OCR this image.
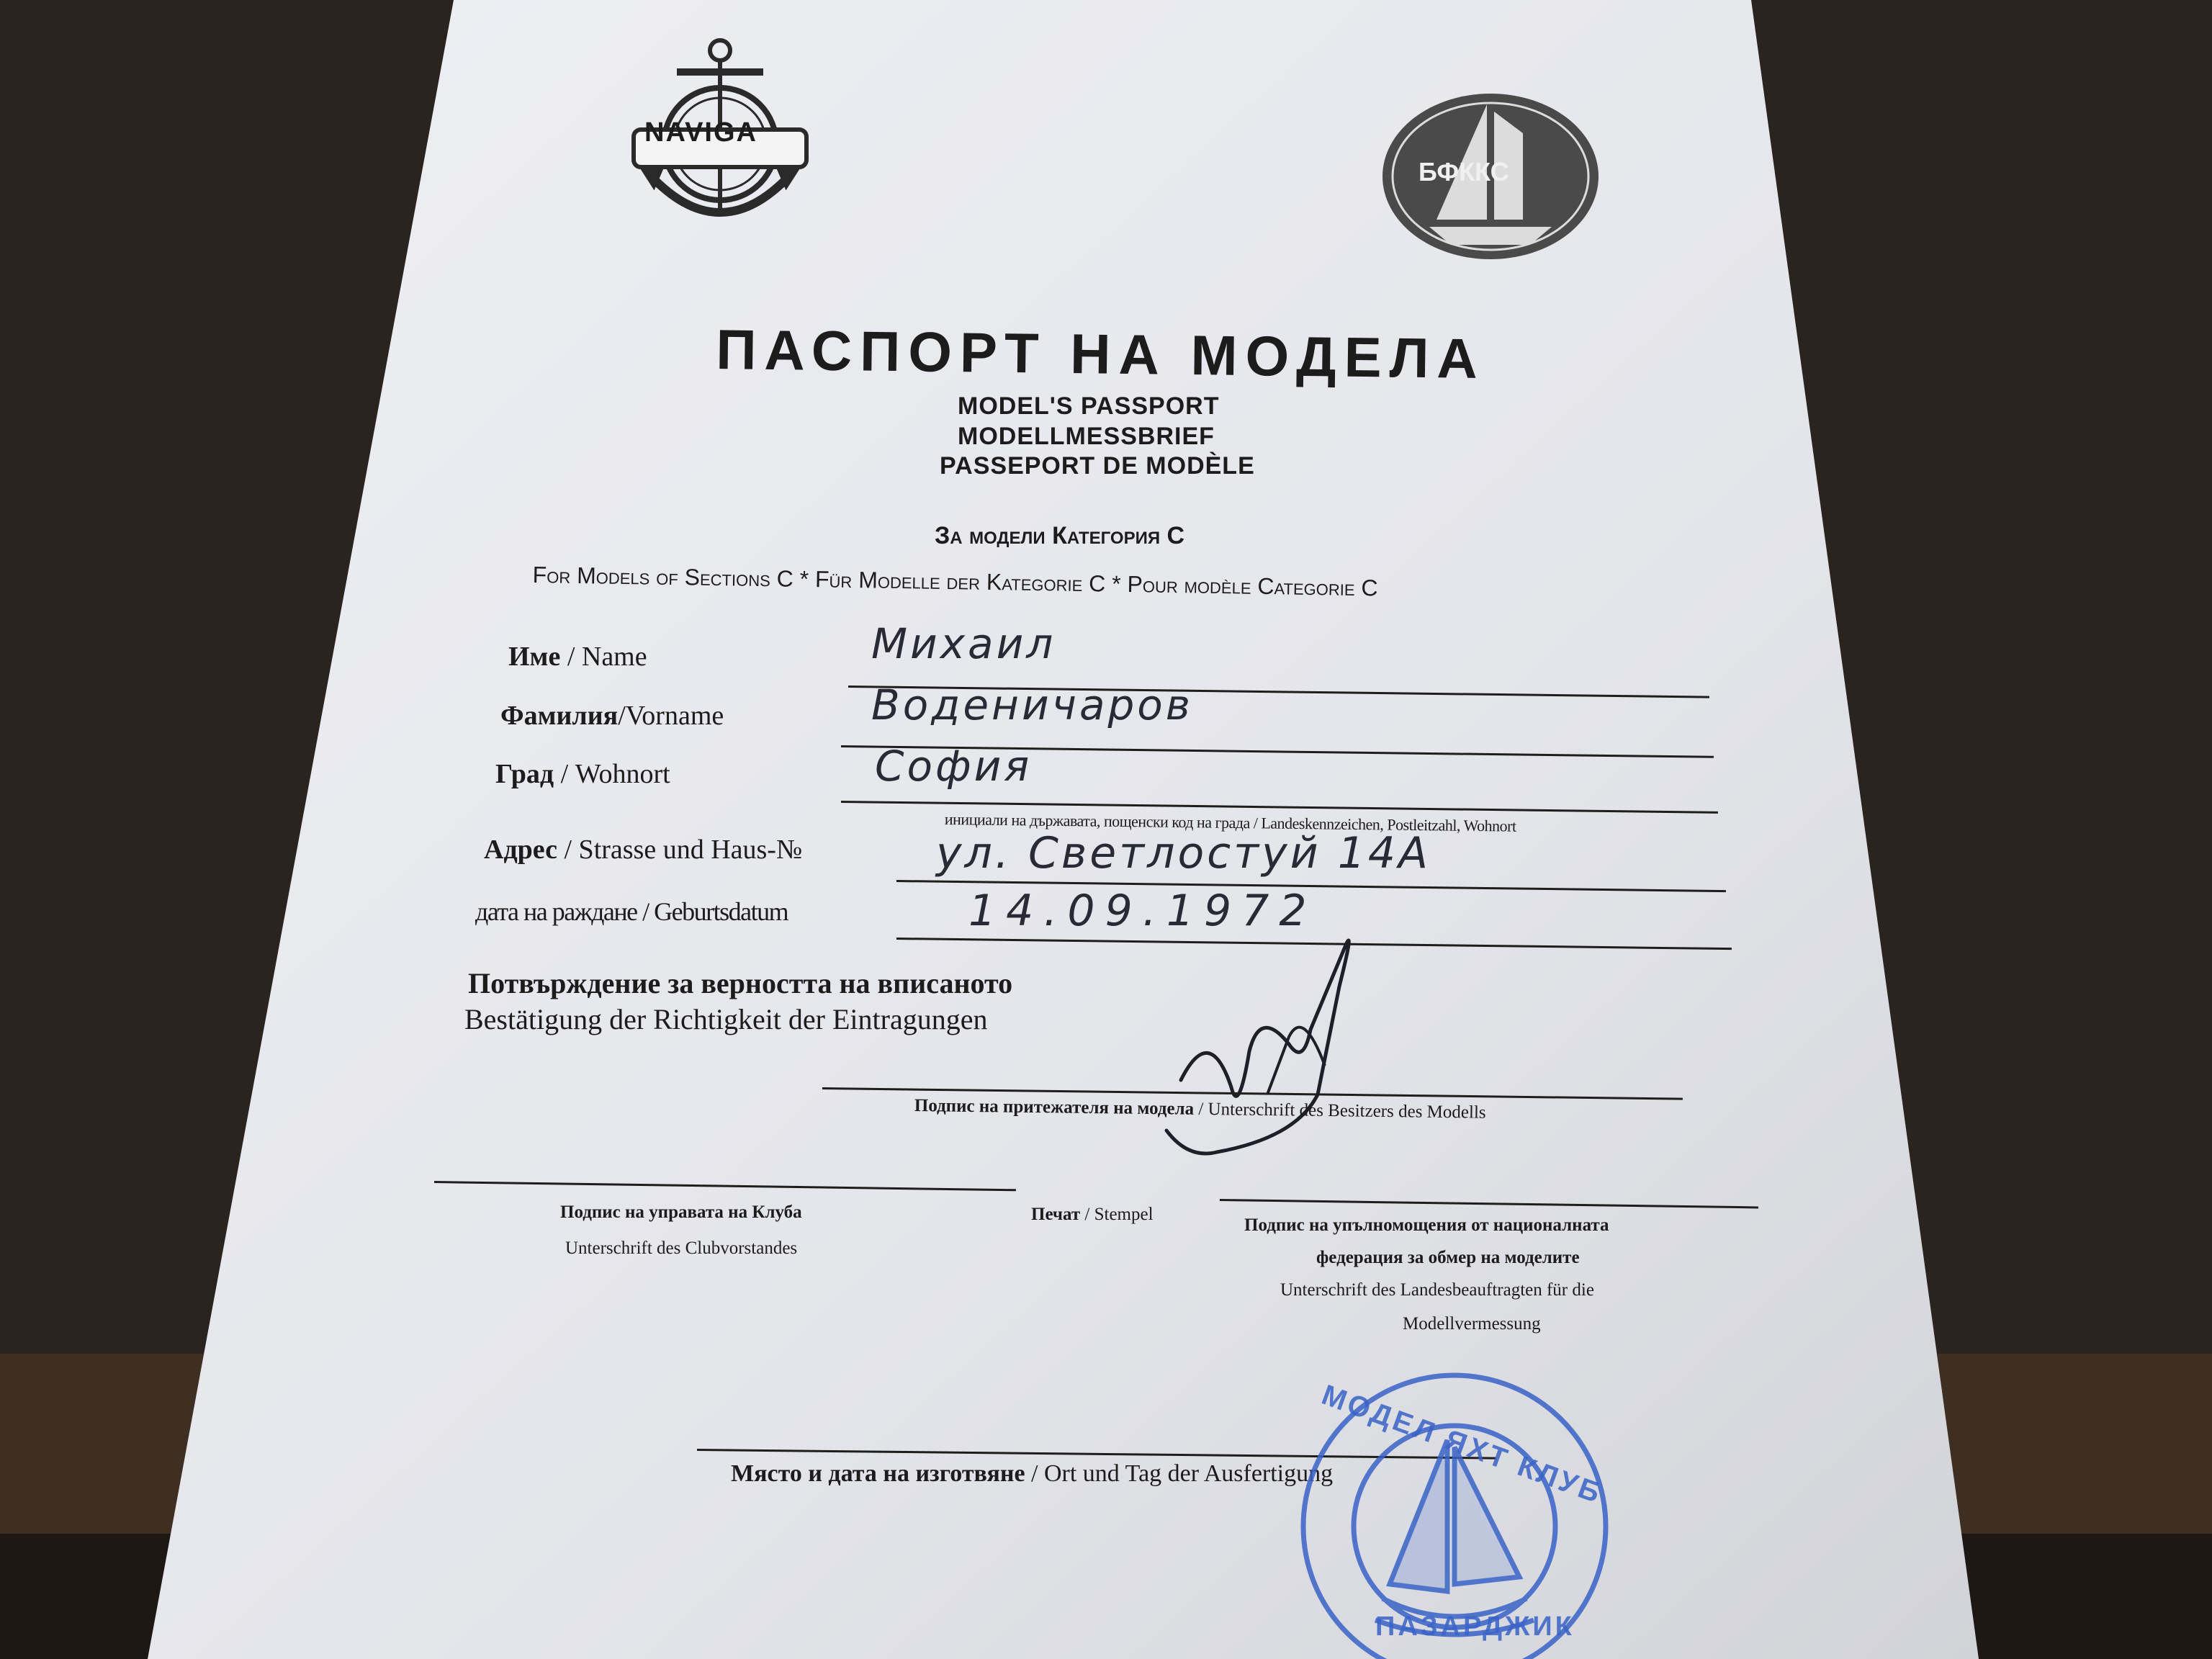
NAVIGA
БФККС
ПАСПОРТ НА МОДЕЛА
MODEL'S PASSPORT
MODELLMESSBRIEF
PASSEPORT DE MODÈLE
За модели Категория С
For Models of Sections C * Für Modelle der Kategorie C * Pour modèle Categorie C
Име / Name	Михаил
Фамилия/Vorname	Воденичаров
Град / Wohnort	София
инициали на държавата, пощенски код на града / Landeskennzeichen, Postleitzahl, Wohnort
Адрес / Strasse und Haus-№	ул. Светлостуй 14А
дата на раждане / Geburtsdatum	14.09.1972
Потвърждение за верността на вписаното
Bestätigung der Richtigkeit der Eintragungen
Подпис на притежателя на модела / Unterschrift des Besitzers des Modells
Подпис на управата на Клуба
Unterschrift des Clubvorstandes
Печат / Stempel
Подпис на упълномощения от националната
федерация за обмер на моделите
Unterschrift des Landesbeauftragten für die
Modellvermessung
Място и дата на изготвяне / Ort und Tag der Ausfertigung
МОДЕЛ ЯХТ КЛУБ
ПАЗАРДЖИК
